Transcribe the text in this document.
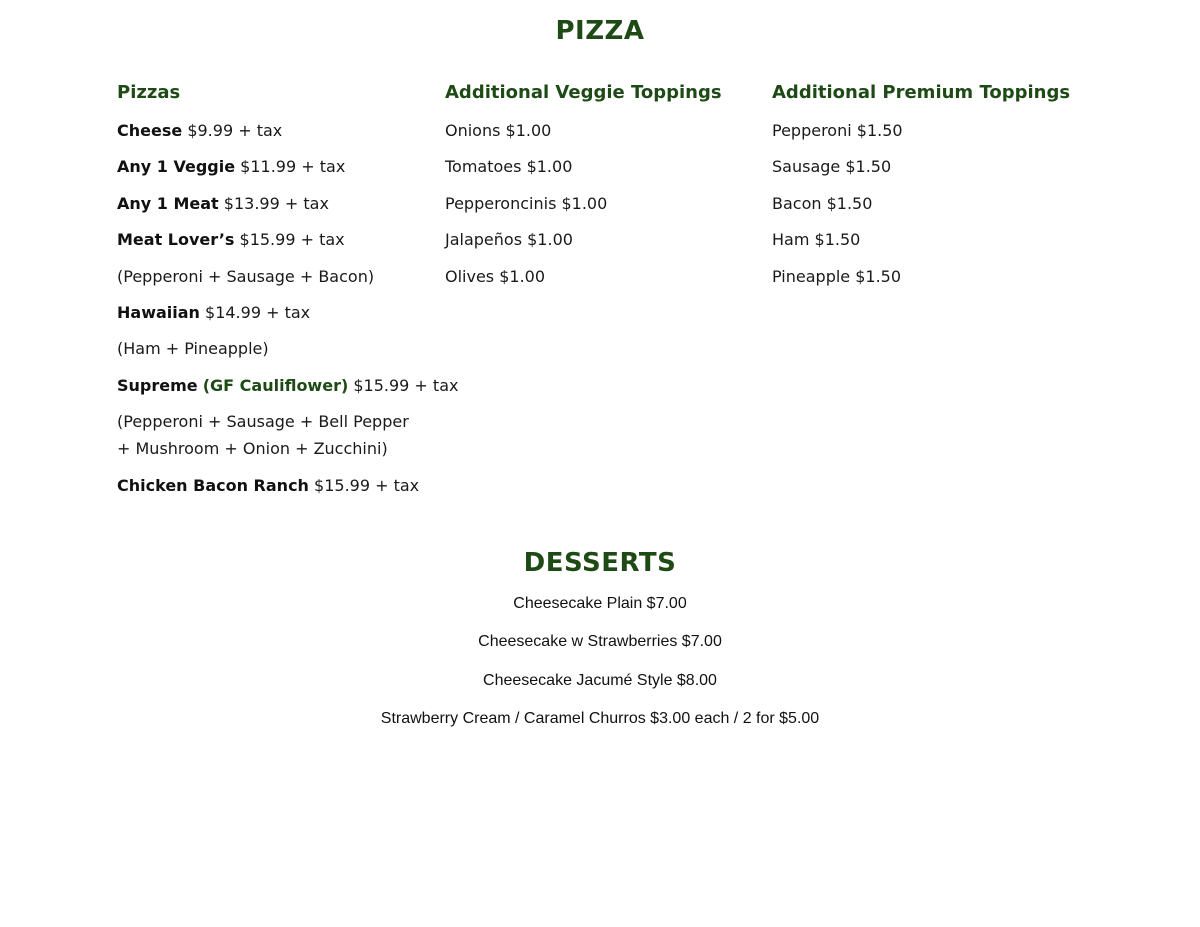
PIZZA
Pizzas
Cheese $9.99 + tax
Any 1 Veggie $11.99 + tax
Any 1 Meat $13.99 + tax
Meat Lover’s $15.99 + tax
(Pepperoni + Sausage + Bacon)
Hawaiian $14.99 + tax
(Ham + Pineapple)
Supreme (GF Cauliflower) $15.99 + tax
(Pepperoni + Sausage + Bell Pepper + Mushroom + Onion + Zucchini)
Chicken Bacon Ranch $15.99 + tax
Additional Veggie Toppings
Onions $1.00
Tomatoes $1.00
Pepperoncinis $1.00
Jalapeños $1.00
Olives $1.00
Additional Premium Toppings
Pepperoni $1.50
Sausage $1.50
Bacon $1.50
Ham $1.50
Pineapple $1.50
DESSERTS
Cheesecake Plain $7.00
Cheesecake w Strawberries $7.00
Cheesecake Jacumé Style $8.00
Strawberry Cream / Caramel Churros $3.00 each / 2 for $5.00
